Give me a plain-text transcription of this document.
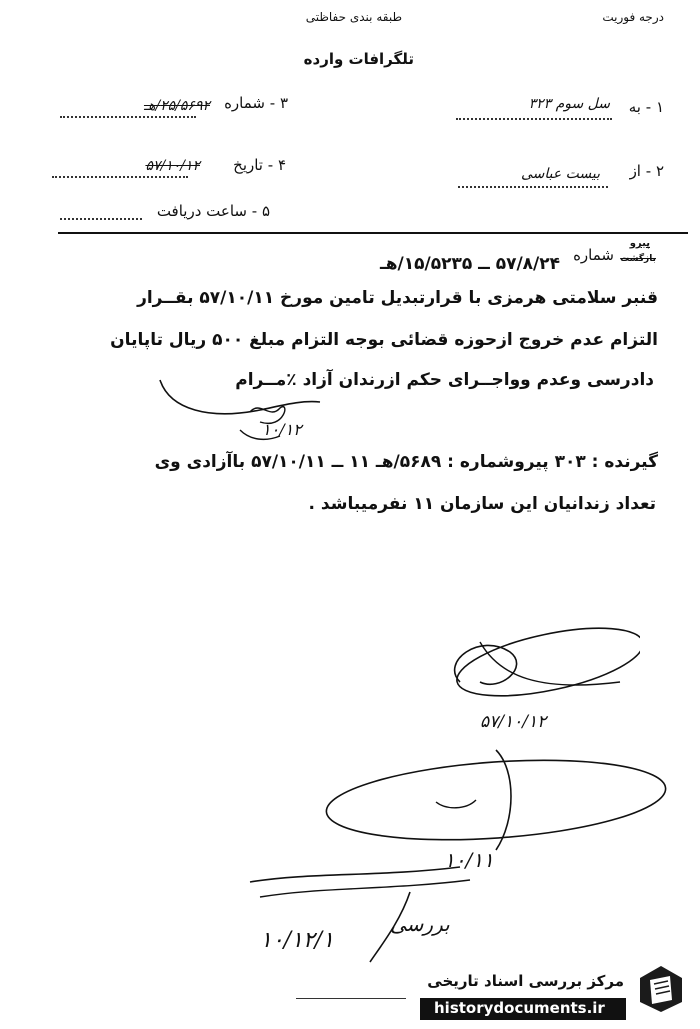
درجه فوریت
طبقه بندی حفاظتی
تلگرافات وارده
۱ - به
سل سوم ۳۲۳
۳ - شماره
۲۵/۵۶۹۲/هـ
۲ - از
بیست عباسی
۴ - تاریخ
۵۷/۱۰/۱۲
۵ - ساعت دریافت
پیرو
بازگشت
شماره
۵۷/۸/۲۴ ــ ۱۵/۵۲۳۵/هـ
قنبر سلامتی هرمزی با قرارتبدیل تامین مورخ ۵۷/۱۰/۱۱ بقــرار
التزام عدم خروج ازحوزه قضائی بوجه التزام مبلغ ۵۰۰ ریال تاپایان
دادرسی وعدم وواجــرای حکم ازرندان آزاد ٪مــرام
گیرنده : ۳۰۳ پیروشماره : ۵۶۸۹/هـ ۱۱ ــ ۵۷/۱۰/۱۱ باآزادی وی
تعداد زندانیان این سازمان ۱۱ نفرمیباشد .
۱۰/۱۲
۵۷/۱۰/۱۲
۱۰/۱۱
بررسی
۱۰/۱۲/۱
مرکز بررسی اسناد تاریخی
historydocuments.ir
